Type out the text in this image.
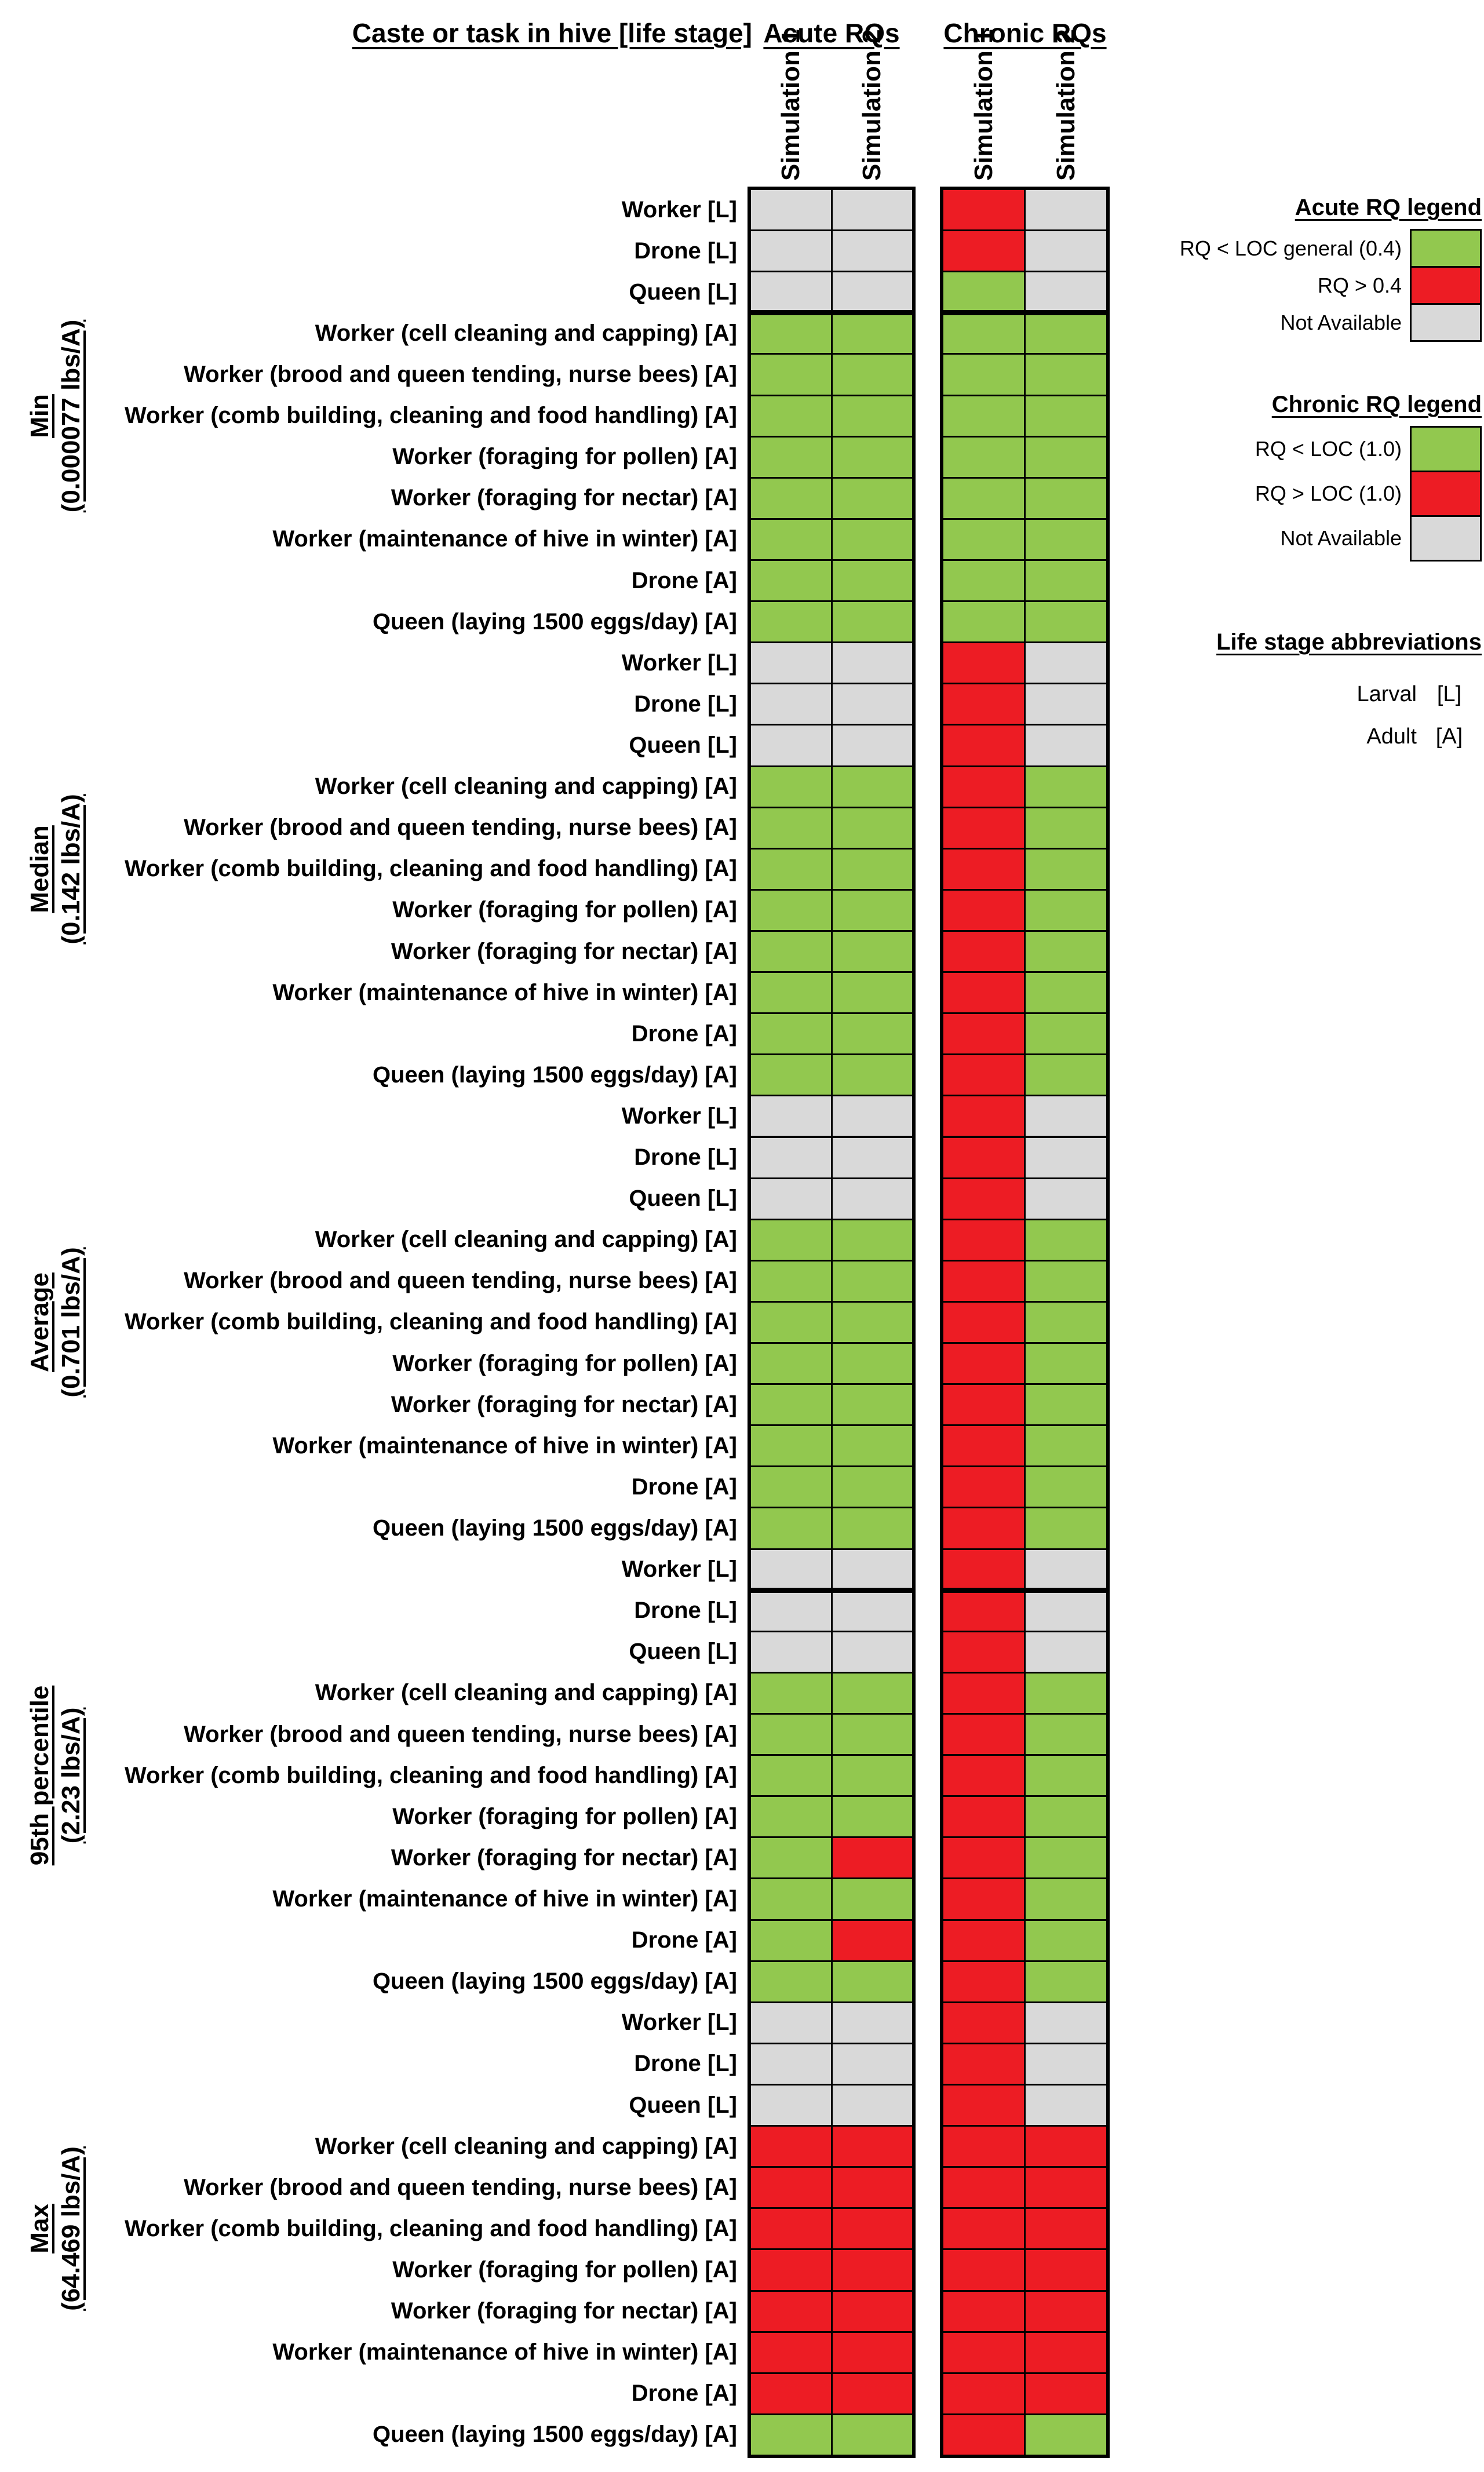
Caste or task in hive [life stage] Acute RQs	Chronic RQs
Worker [L]
Drone [L]
Queen [L]
Worker (cell cleaning and capping) [A]
Worker (brood and queen tending, nurse bees) [A]
Worker (comb building, cleaning and food handling) [A]
Worker (foraging for pollen) [A]
Worker (foraging for nectar) [A]
Worker (maintenance of hive in winter) [A]
Drone [A]
Queen (laying 1500 eggs/day) [A]
Worker [L]
Drone [L]
Queen [L]
Worker (cell cleaning and capping) [A]
Worker (brood and queen tending, nurse bees) [A]
Worker (comb building, cleaning and food handling) [A]
Worker (foraging for pollen) [A]
Worker (foraging for nectar) [A]
Worker (maintenance of hive in winter) [A]
Drone [A]
Queen (laying 1500 eggs/day) [A]
Worker [L]
Drone [L]
Queen [L]
Worker (cell cleaning and capping) [A]
Worker (brood and queen tending, nurse bees) [A]
Worker (comb building, cleaning and food handling) [A]
Worker (foraging for pollen) [A]
Worker (foraging for nectar) [A]
Worker (maintenance of hive in winter) [A]
Drone [A]
Queen (laying 1500 eggs/day) [A]
Worker [L]
Drone [L]
Queen [L]
Worker (cell cleaning and capping) [A]
Worker (brood and queen tending, nurse bees) [A]
Worker (comb building, cleaning and food handling) [A]
Worker (foraging for pollen) [A]
Worker (foraging for nectar) [A]
Worker (maintenance of hive in winter) [A]
Drone [A]
Queen (laying 1500 eggs/day) [A]
Worker [L]
Drone [L]
Queen [L]
Worker (cell cleaning and capping) [A]
Worker (brood and queen tending, nurse bees) [A]
Worker (comb building, cleaning and food handling) [A]
Worker (foraging for pollen) [A]
Worker (foraging for nectar) [A]
Worker (maintenance of hive in winter) [A]
Drone [A]
Queen (laying 1500 eggs/day) [A]
Min (0.000077 lbs/A)
Median (0.142 lbs/A)
Average (0.701 lbs/A)
95th percentile (2.23 lbs/A)
Max (64.469 lbs/A)
Simulation 1 Simulation 2	Simulation 1 Simulation 2
Acute RQ legend
RQ < LOC general (0.4)
RQ > 0.4
Not Available
Chronic RQ legend
RQ < LOC (1.0)
RQ > LOC (1.0)
Not Available
Life stage abbreviations
Larval [L]
Adult [A]
